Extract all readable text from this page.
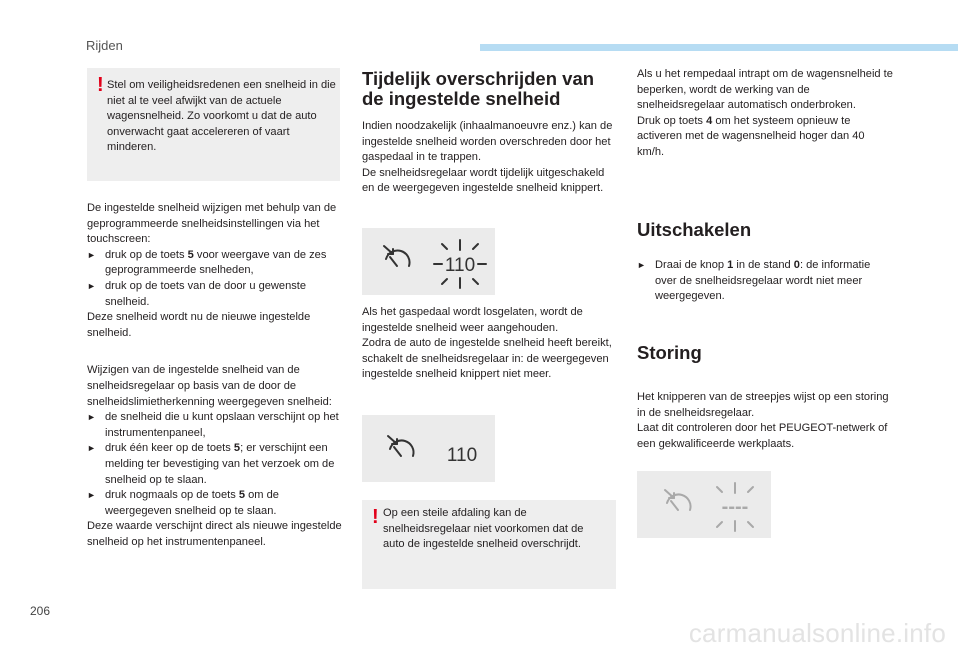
Rijden
! Stel om veiligheidsredenen een snelheid in die niet al te veel afwijkt van de actuele wagensnelheid. Zo voorkomt u dat de auto onverwacht gaat accelereren of vaart minderen.

De ingestelde snelheid wijzigen met behulp van de geprogrammeerde snelheidsinstellingen via het touchscreen:

► druk op de toets 5 voor weergave van de zes geprogrammeerde snelheden,
► druk op de toets van de door u gewenste snelheid.

Deze snelheid wordt nu de nieuwe ingestelde snelheid.

Wijzigen van de ingestelde snelheid van de snelheidsregelaar op basis van de door de snelheidslimietherkenning weergegeven snelheid:

► de snelheid die u kunt opslaan verschijnt op het instrumentenpaneel,
► druk één keer op de toets 5; er verschijnt een melding ter bevestiging van het verzoek om de snelheid op te slaan.
► druk nogmaals op de toets 5 om de weergegeven snelheid op te slaan.

Deze waarde verschijnt direct als nieuwe ingestelde snelheid op het instrumentenpaneel.

Tijdelijk overschrijden van de ingestelde snelheid

Indien noodzakelijk (inhaalmanoeuvre enz.) kan de ingestelde snelheid worden overschreden door het gaspedaal in te trappen.

De snelheidsregelaar wordt tijdelijk uitgeschakeld en de weergegeven ingestelde snelheid knippert.

110

Als het gaspedaal wordt losgelaten, wordt de ingestelde snelheid weer aangehouden.

Zodra de auto de ingestelde snelheid heeft bereikt, schakelt de snelheidsregelaar in: de weergegeven ingestelde snelheid knippert niet meer.

110
! Op een steile afdaling kan de snelheidsregelaar niet voorkomen dat de auto de ingestelde snelheid overschrijdt.

Als u het rempedaal intrapt om de wagensnelheid te beperken, wordt de werking van de snelheidsregelaar automatisch onderbroken.

Druk op toets 4 om het systeem opnieuw te activeren met de wagensnelheid hoger dan 40 km/h.

Uitschakelen
► Draai de knop 1 in de stand 0: de informatie over de snelheidsregelaar wordt niet meer weergegeven.
Storing

Het knipperen van de streepjes wijst op een storing in de snelheidsregelaar.

Laat dit controleren door het PEUGEOT-netwerk of een gekwalificeerde werkplaats.

----
206
carmanualsonline.info
